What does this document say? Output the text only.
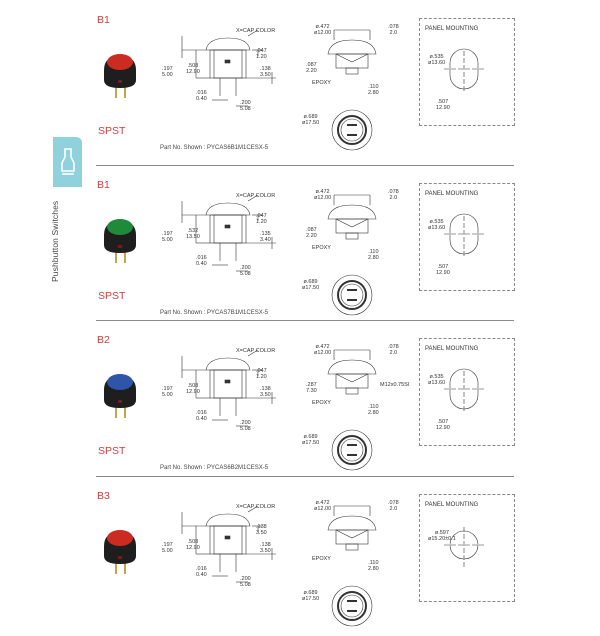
Pushbutton Switches
B1
X=CAP COLOR
.047
1.20
.197
5.00
.508
12.90	.138
3.50
.016
0.40
.200
5.08
ø.472
ø12.00
.078
2.0
.087
2.20
EPOXY
.110
2.80
ø.689
ø17.50
PANEL MOUNTING
ø.535
ø13.60
.507
12.90
SPST
Part No. Shown : PYCAS6B1M1CESX-5
B1
X=CAP COLOR
.047
1.20
.197
5.00
.532
13.50	.135
3.40
.016
0.40
.200
5.08
ø.472
ø12.00
.078
2.0
.087
2.20
EPOXY
.110
2.80
ø.689
ø17.50
PANEL MOUNTING
ø.535
ø13.60
.507
12.90
SPST
Part No. Shown : PYCAS7B1M1CESX-5
B2
X=CAP COLOR
.047
1.20
.197
5.00
.508
12.90	.138
3.50
.016
0.40
.200
5.08
ø.472
ø12.00
.078
2.0
.287
7.30
M12x0.75Sl
EPOXY
.110
2.80
ø.689
ø17.50
PANEL MOUNTING
ø.535
ø13.60
.507
12.90
SPST
Part No. Shown : PYCAS6B2M1CESX-5
B3
X=CAP COLOR
.138
3.50
.197
5.00
.508
12.90	.138
3.50
.016
0.40
.200
5.08
ø.472
ø12.00
.078
2.0
EPOXY
.110
2.80
ø.689
ø17.50
PANEL MOUNTING
ø.597
ø15.20±0.1
